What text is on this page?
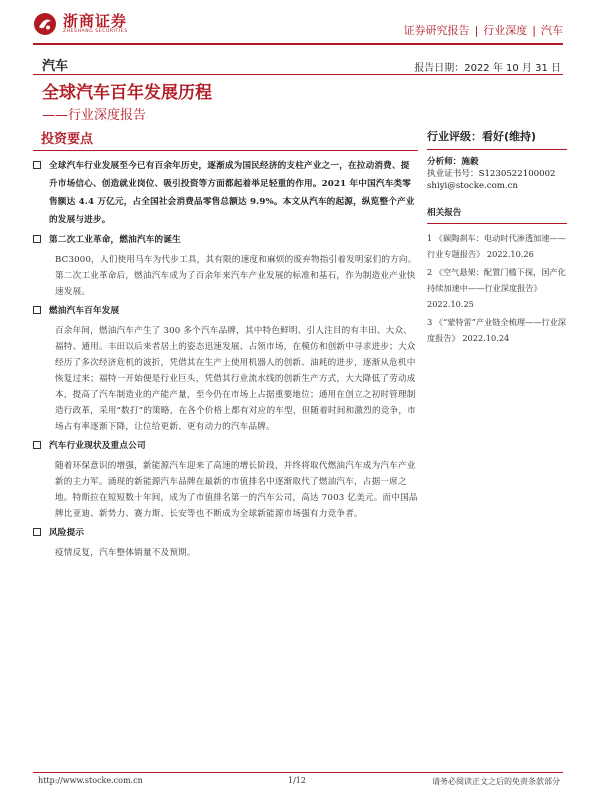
浙商证券
ZHESHANG SECURITIES	证券研究报告 | 行业深度 | 汽车
汽车	报告日期：2022 年 10 月 31 日
全球汽车百年发展历程
——行业深度报告
投资要点
全球汽车行业发展至今已有百余年历史，逐渐成为国民经济的支柱产业之一，在拉动消费、提升市场信心、创造就业岗位、吸引投资等方面都起着举足轻重的作用。2021 年中国汽车类零售额达 4.4 万亿元，占全国社会消费品零售总额达 9.9%。本文从汽车的起源，纵览整个产业的发展与进步。
第二次工业革命，燃油汽车的诞生
BC3000，人们使用马车为代步工具，其有限的速度和麻烦的废弃物指引着发明家们的方向。第二次工业革命后，燃油汽车成为了百余年来汽车产业发展的标准和基石，作为制造业产业快速发展。
燃油汽车百年发展
百余年间，燃油汽车产生了 300 多个汽车品牌，其中特色鲜明、引人注目的有丰田、大众、福特、通用。丰田以后来者居上的姿态迅速发展、占领市场，在模仿和创新中寻求进步；大众经历了多次经济危机的波折，凭借其在生产上使用机器人的创新、油耗的进步，逐渐从危机中恢复过来；福特一开始便是行业巨头，凭借其行业流水线的创新生产方式，大大降低了劳动成本，提高了汽车制造业的产能产量，至今仍在市场上占据重要地位；通用在创立之初时管理制造行政革，采用“数打”的策略，在各个价格上都有对应的车型，但随着时间和激烈的竞争，市场占有率逐渐下降，让位给更新、更有动力的汽车品牌。
汽车行业现状及重点公司
随着环保意识的增强，新能源汽车迎来了高速的增长阶段，并终将取代燃油汽车成为汽车产业新的主力军。涌现的新能源汽车品牌在最新的市值排名中逐渐取代了燃油汽车，占据一席之地。特斯拉在短短数十年间，成为了市值排名第一的汽车公司，高达 7003 亿美元。而中国品牌比亚迪、新势力、赛力斯、长安等也不断成为全球新能源市场强有力竞争者。
风险提示
疫情反复，汽车整体销量不及预期。
行业评级：看好(维持)
分析师：施毅
执业证书号：S1230522100002
shiyi@stocke.com.cn
相关报告
1 《碳陶刹车：电动时代渗透加速——行业专题报告》 2022.10.26
2 《空气悬架：配置门槛下探，国产化持续加速中——行业深度报告》 2022.10.25
3 《“蒙特雷”产业链全梳理——行业深度报告》 2022.10.24
http://www.stocke.com.cn	1/12	请务必阅读正文之后的免责条款部分
